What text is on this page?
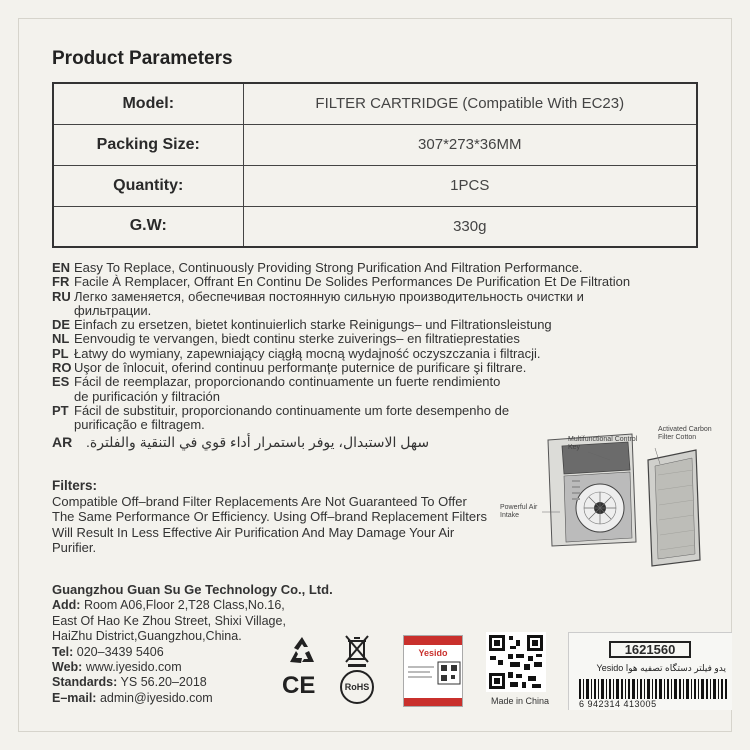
Product Parameters
Model:	FILTER CARTRIDGE (Compatible With EC23)
Packing Size:	307*273*36MM
Quantity:	1PCS
G.W:	330g
EN Easy To Replace, Continuously Providing Strong Purification And Filtration Performance.
FR Facile À Remplacer, Offrant En Continu De Solides Performances De Purification Et De Filtration
RU Легко заменяется, обеспечивая постоянную сильную производительность очистки и фильтрации.
DE Einfach zu ersetzen, bietet kontinuierlich starke Reinigungs– und Filtrationsleistung
NL Eenvoudig te vervangen, biedt continu sterke zuiverings– en filtratieprestaties
PL Łatwy do wymiany, zapewniający ciągłą mocną wydajność oczyszczania i filtracji.
RO Uşor de înlocuit, oferind continuu performanțe puternice de purificare şi filtrare.
ES Fácil de reemplazar, proporcionando continuamente un fuerte rendimiento de purificación y filtración
PT Fácil de substituir, proporcionando continuamente um forte desempenho de purificação e filtragem.
AR سهل الاستبدال، يوفر باستمرار أداء قوي في التنقية والفلترة.
Filters:
Compatible Off–brand Filter Replacements Are Not Guaranteed To Offer The Same Performance Or Efficiency. Using Off–brand Replacement Filters Will Result In Less Effective Air Purification And May Damage Your Air Purifier.
Multifunctional Control Key
Activated Carbon Filter Cotton
Powerful Air Intake
Guangzhou Guan Su Ge Technology Co., Ltd.
Add: Room A06,Floor 2,T28 Class,No.16,
East Of Hao Ke Zhou Street, Shixi Village,
HaiZhu District,Guangzhou,China.
Tel: 020–3439 5406
Web: www.iyesido.com
Standards: YS 56.20–2018
E–mail: admin@iyesido.com	CE	RoHS
Yesido
Made in China
1621560
یدو فیلتر دستگاه تصفیه هوا Yesido
6 942314 413005
